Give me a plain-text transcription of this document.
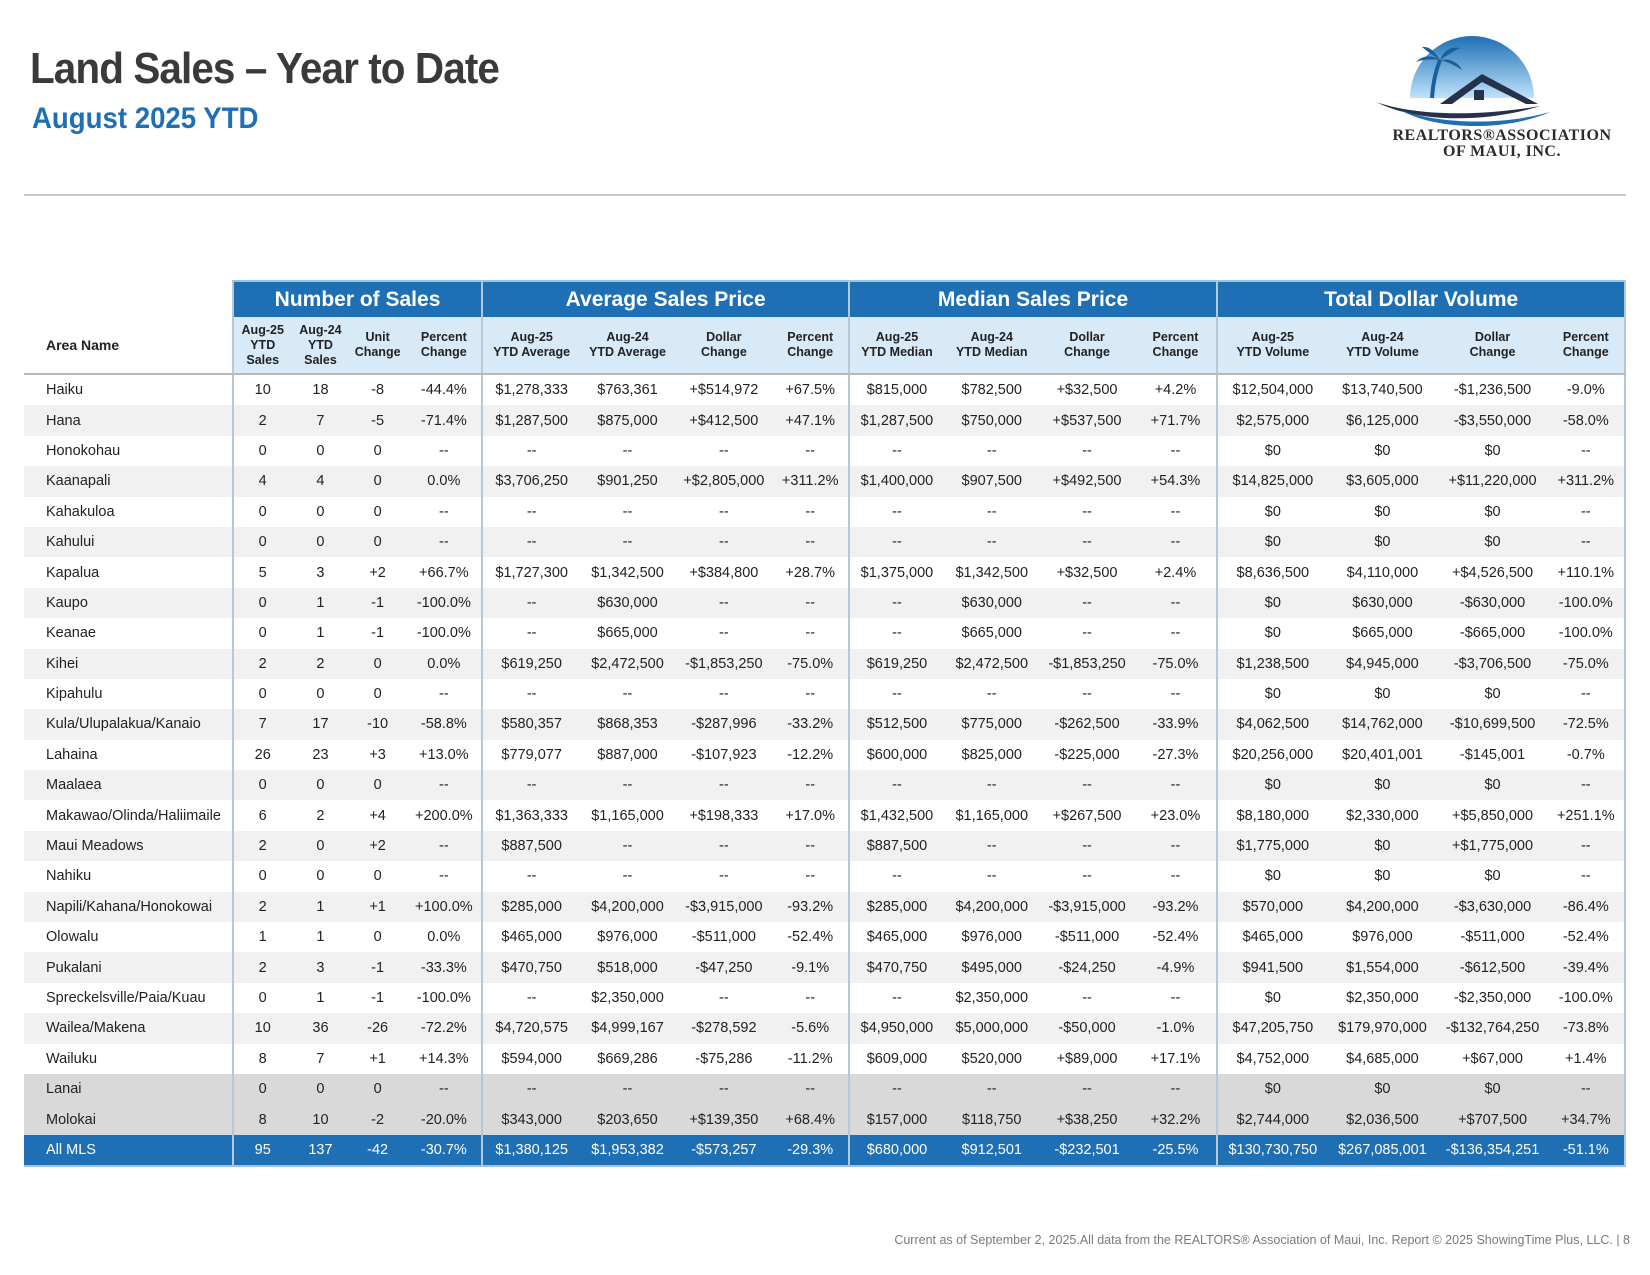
Land Sales – Year to Date
August 2025 YTD
REALTORS®ASSOCIATION
OF MAUI, INC.
	Number of Sales				Average Sales Price				Median Sales Price				Total Dollar Volume			
Area Name	Aug-25
YTD
Sales	Aug-24
YTD
Sales	Unit
Change	Percent
Change	Aug-25
YTD Average	Aug-24
YTD Average	Dollar
Change	Percent
Change	Aug-25
YTD Median	Aug-24
YTD Median	Dollar
Change	Percent
Change	Aug-25
YTD Volume	Aug-24
YTD Volume	Dollar
Change	Percent
Change
Haiku	10	18	-8	-44.4%	$1,278,333	$763,361	+$514,972	+67.5%	$815,000	$782,500	+$32,500	+4.2%	$12,504,000	$13,740,500	-$1,236,500	-9.0%
Hana	2	7	-5	-71.4%	$1,287,500	$875,000	+$412,500	+47.1%	$1,287,500	$750,000	+$537,500	+71.7%	$2,575,000	$6,125,000	-$3,550,000	-58.0%
Honokohau	0	0	0	--	--	--	--	--	--	--	--	--	$0	$0	$0	--
Kaanapali	4	4	0	0.0%	$3,706,250	$901,250	+$2,805,000	+311.2%	$1,400,000	$907,500	+$492,500	+54.3%	$14,825,000	$3,605,000	+$11,220,000	+311.2%
Kahakuloa	0	0	0	--	--	--	--	--	--	--	--	--	$0	$0	$0	--
Kahului	0	0	0	--	--	--	--	--	--	--	--	--	$0	$0	$0	--
Kapalua	5	3	+2	+66.7%	$1,727,300	$1,342,500	+$384,800	+28.7%	$1,375,000	$1,342,500	+$32,500	+2.4%	$8,636,500	$4,110,000	+$4,526,500	+110.1%
Kaupo	0	1	-1	-100.0%	--	$630,000	--	--	--	$630,000	--	--	$0	$630,000	-$630,000	-100.0%
Keanae	0	1	-1	-100.0%	--	$665,000	--	--	--	$665,000	--	--	$0	$665,000	-$665,000	-100.0%
Kihei	2	2	0	0.0%	$619,250	$2,472,500	-$1,853,250	-75.0%	$619,250	$2,472,500	-$1,853,250	-75.0%	$1,238,500	$4,945,000	-$3,706,500	-75.0%
Kipahulu	0	0	0	--	--	--	--	--	--	--	--	--	$0	$0	$0	--
Kula/Ulupalakua/Kanaio	7	17	-10	-58.8%	$580,357	$868,353	-$287,996	-33.2%	$512,500	$775,000	-$262,500	-33.9%	$4,062,500	$14,762,000	-$10,699,500	-72.5%
Lahaina	26	23	+3	+13.0%	$779,077	$887,000	-$107,923	-12.2%	$600,000	$825,000	-$225,000	-27.3%	$20,256,000	$20,401,001	-$145,001	-0.7%
Maalaea	0	0	0	--	--	--	--	--	--	--	--	--	$0	$0	$0	--
Makawao/Olinda/Haliimaile	6	2	+4	+200.0%	$1,363,333	$1,165,000	+$198,333	+17.0%	$1,432,500	$1,165,000	+$267,500	+23.0%	$8,180,000	$2,330,000	+$5,850,000	+251.1%
Maui Meadows	2	0	+2	--	$887,500	--	--	--	$887,500	--	--	--	$1,775,000	$0	+$1,775,000	--
Nahiku	0	0	0	--	--	--	--	--	--	--	--	--	$0	$0	$0	--
Napili/Kahana/Honokowai	2	1	+1	+100.0%	$285,000	$4,200,000	-$3,915,000	-93.2%	$285,000	$4,200,000	-$3,915,000	-93.2%	$570,000	$4,200,000	-$3,630,000	-86.4%
Olowalu	1	1	0	0.0%	$465,000	$976,000	-$511,000	-52.4%	$465,000	$976,000	-$511,000	-52.4%	$465,000	$976,000	-$511,000	-52.4%
Pukalani	2	3	-1	-33.3%	$470,750	$518,000	-$47,250	-9.1%	$470,750	$495,000	-$24,250	-4.9%	$941,500	$1,554,000	-$612,500	-39.4%
Spreckelsville/Paia/Kuau	0	1	-1	-100.0%	--	$2,350,000	--	--	--	$2,350,000	--	--	$0	$2,350,000	-$2,350,000	-100.0%
Wailea/Makena	10	36	-26	-72.2%	$4,720,575	$4,999,167	-$278,592	-5.6%	$4,950,000	$5,000,000	-$50,000	-1.0%	$47,205,750	$179,970,000	-$132,764,250	-73.8%
Wailuku	8	7	+1	+14.3%	$594,000	$669,286	-$75,286	-11.2%	$609,000	$520,000	+$89,000	+17.1%	$4,752,000	$4,685,000	+$67,000	+1.4%
Lanai	0	0	0	--	--	--	--	--	--	--	--	--	$0	$0	$0	--
Molokai	8	10	-2	-20.0%	$343,000	$203,650	+$139,350	+68.4%	$157,000	$118,750	+$38,250	+32.2%	$2,744,000	$2,036,500	+$707,500	+34.7%
All MLS	95	137	-42	-30.7%	$1,380,125	$1,953,382	-$573,257	-29.3%	$680,000	$912,501	-$232,501	-25.5%	$130,730,750	$267,085,001	-$136,354,251	-51.1%
Current as of September 2, 2025.All data from the REALTORS® Association of Maui, Inc. Report © 2025 ShowingTime Plus, LLC. | 8
